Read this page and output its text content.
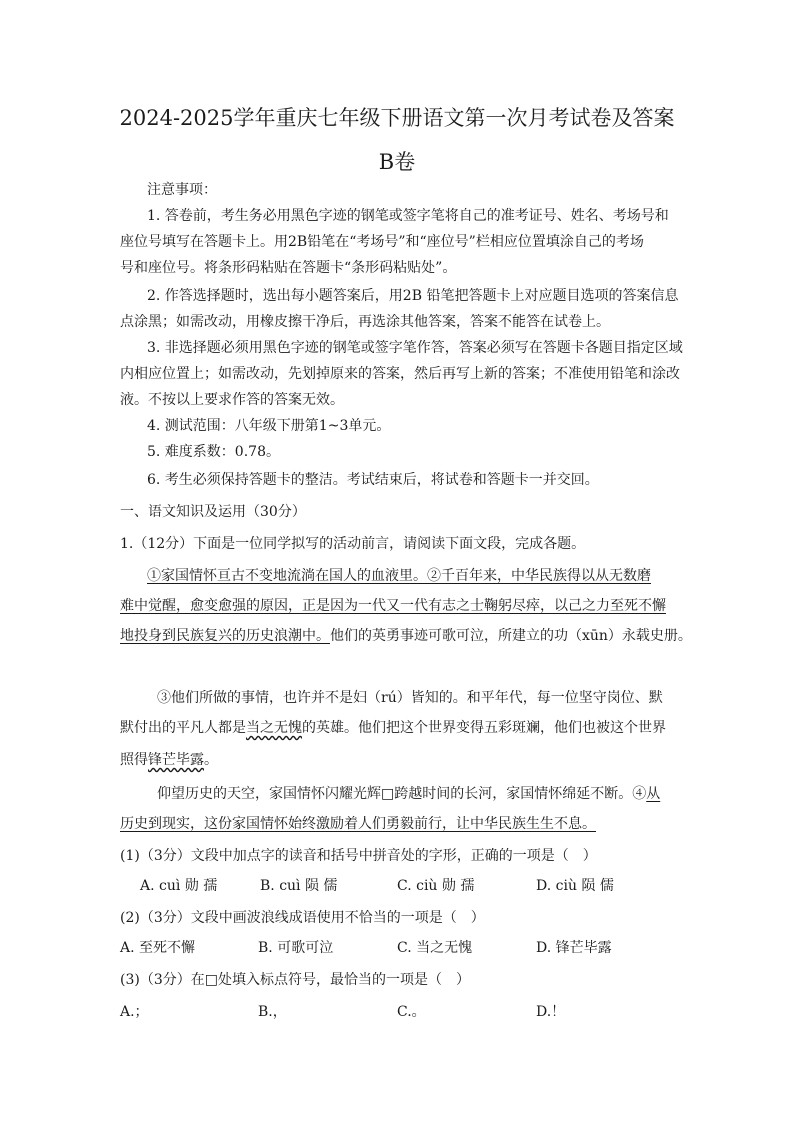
2024-2025学年重庆七年级下册语文第一次月考试卷及答案
B卷
注意事项：
1. 答卷前，考生务必用黑色字迹的钢笔或签字笔将自己的准考证号、姓名、考场号和
座位号填写在答题卡上。用2B铅笔在“考场号”和“座位号”栏相应位置填涂自己的考场
号和座位号。将条形码粘贴在答题卡“条形码粘贴处”。
2. 作答选择题时，选出每小题答案后，用2B 铅笔把答题卡上对应题目选项的答案信息
点涂黑；如需改动，用橡皮擦干净后，再选涂其他答案，答案不能答在试卷上。
3. 非选择题必须用黑色字迹的钢笔或签字笔作答，答案必须写在答题卡各题目指定区域
内相应位置上；如需改动，先划掉原来的答案，然后再写上新的答案；不准使用铅笔和涂改
液。不按以上要求作答的答案无效。
4. 测试范围：八年级下册第1~3单元。
5. 难度系数：0.78。
6. 考生必须保持答题卡的整洁。考试结束后，将试卷和答题卡一并交回。
一、语文知识及运用（30分）
1.（12分）下面是一位同学拟写的活动前言，请阅读下面文段，完成各题。
①家国情怀亘古不变地流淌在国人的血液里。②千百年来，中华民族得以从无数磨
难中觉醒，愈变愈强的原因，正是因为一代又一代有志之士鞠躬尽瘁，以己之力至死不懈
地投身到民族复兴的历史浪潮中。他们的英勇事迹可歌可泣，所建立的功（xūn）永载史册。
③他们所做的事情，也许并不是妇（rú）皆知的。和平年代，每一位坚守岗位、默
默付出的平凡人都是当之无愧的英雄。他们把这个世界变得五彩斑斓，他们也被这个世界
照得锋芒毕露。
仰望历史的天空，家国情怀闪耀光辉□跨越时间的长河，家国情怀绵延不断。④从
历史到现实，这份家国情怀始终激励着人们勇毅前行，让中华民族生生不息。
(1)（3分）文段中加点字的读音和括号中拼音处的字形，正确的一项是（　）
A. cuì 勋 孺	B. cuì 陨 儒	C. ciù 勋 孺	D. ciù 陨 儒
(2)（3分）文段中画波浪线成语使用不恰当的一项是（　）
A. 至死不懈	B. 可歌可泣	C. 当之无愧	D. 锋芒毕露
(3)（3分）在□处填入标点符号，最恰当的一项是（　）
A.；	B.，	C.。	D.！
